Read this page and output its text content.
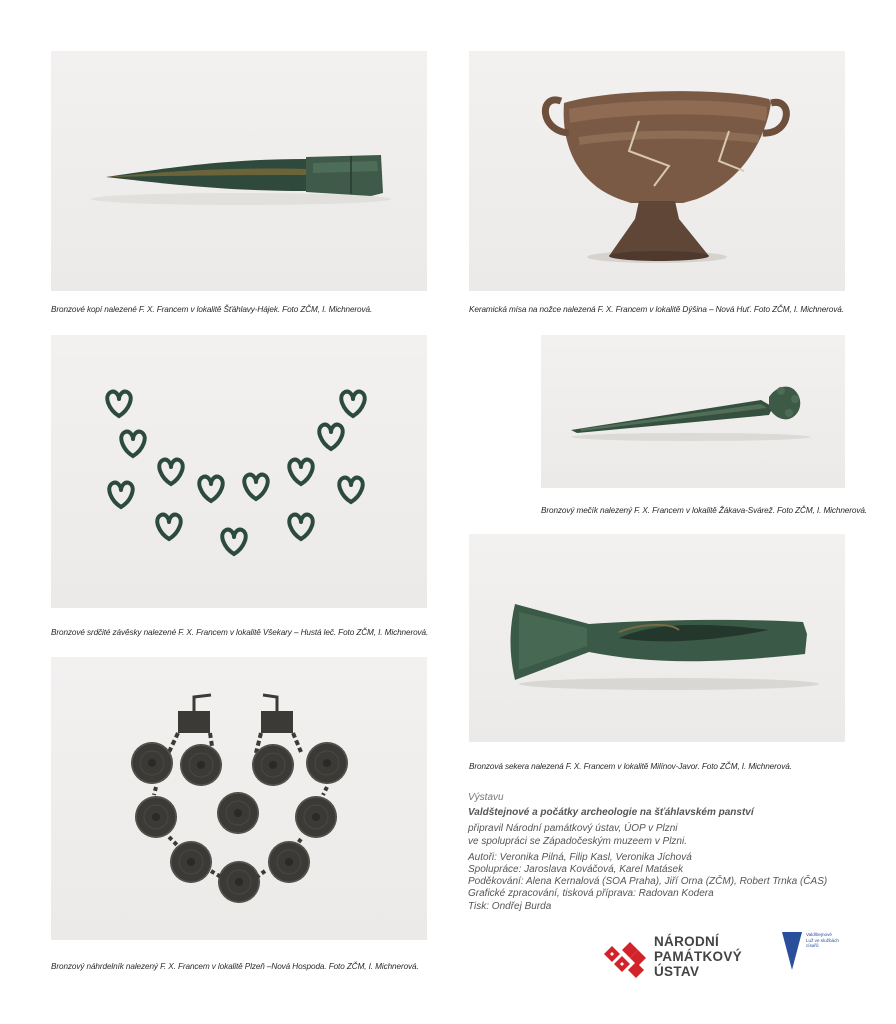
Bronzové kopí nalezené F. X. Francem v lokalitě Šťáhlavy-Hájek. Foto ZČM, I. Michnerová.	Keramická mísa na nožce nalezená F. X. Francem v lokalitě Dýšina – Nová Huť. Foto ZČM, I. Michnerová.
Bronzové srdčité závěsky nalezené F. X. Francem v lokalitě Všekary – Hustá leč. Foto ZČM, I. Michnerová.
Bronzový mečík nalezený F. X. Francem v lokalitě Žákava-Svárež. Foto ZČM, I. Michnerová.
Bronzová sekera nalezená F. X. Francem v lokalitě Milínov-Javor. Foto ZČM, I. Michnerová.
Bronzový náhrdelník nalezený F. X. Francem v lokalitě Plzeň –Nová Hospoda. Foto ZČM, I. Michnerová.
Výstavu
Valdštejnové a počátky archeologie na šťáhlavském panství
připravil Národní památkový ústav, ÚOP v Plzni
ve spolupráci se Západočeským muzeem v Plzni.
Autoři: Veronika Pilná, Filip Kasl, Veronika Jíchová
Spolupráce: Jaroslava Kováčová, Karel Matásek
Poděkování: Alena Kernalová (SOA Praha), Jiří Orna (ZČM), Robert Trnka (ČAS)
Grafické zpracování, tisková příprava: Radovan Kodera
Tisk: Ondřej Burda
NÁRODNÍ
PAMÁTKOVÝ
ÚSTAV
Valdštejnové
Luž ve službách
císařů
